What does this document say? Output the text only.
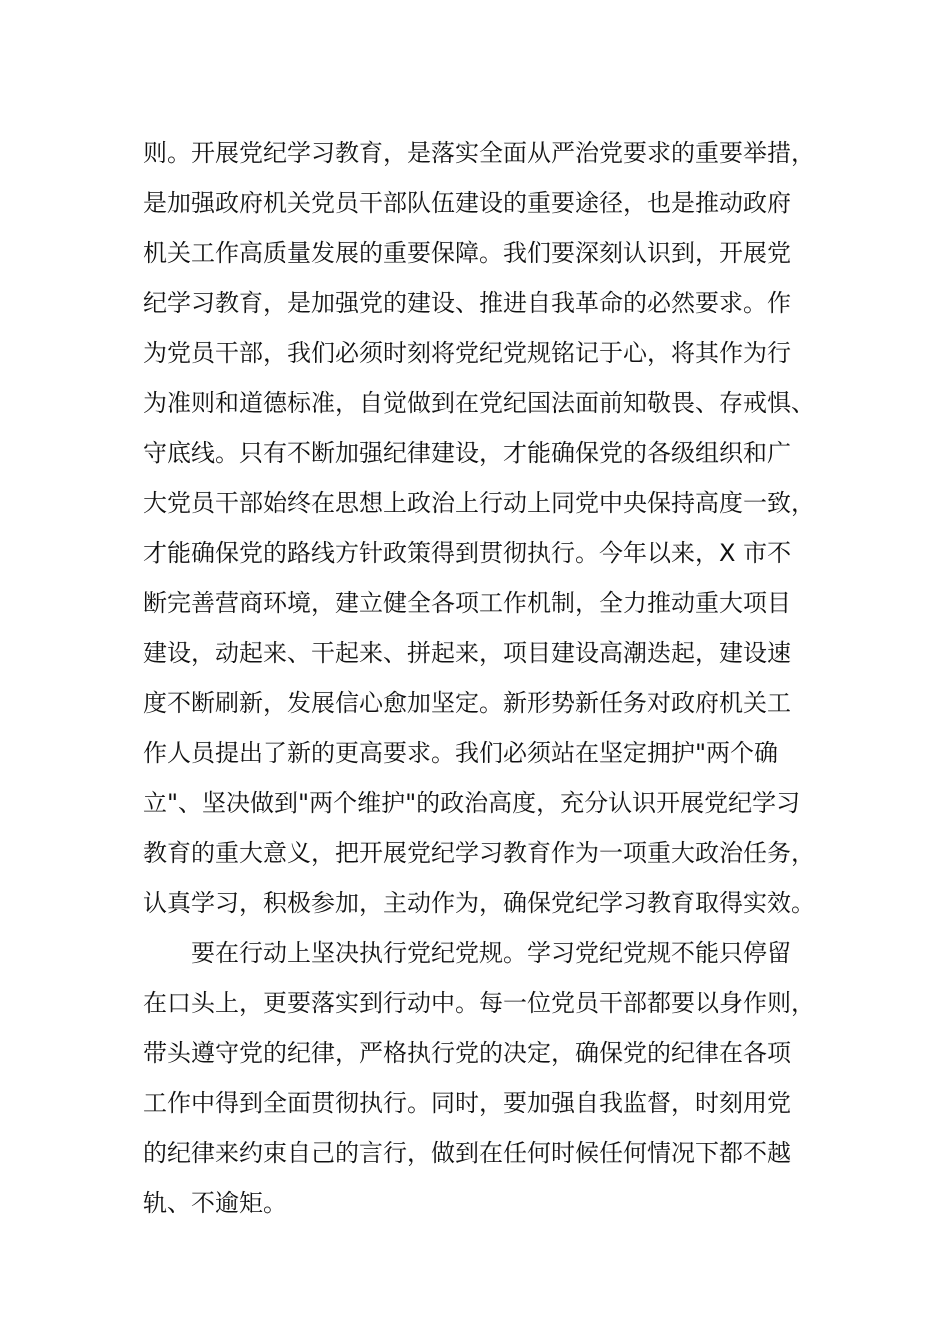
则。开展党纪学习教育，是落实全面从严治党要求的重要举措，
是加强政府机关党员干部队伍建设的重要途径，也是推动政府
机关工作高质量发展的重要保障。我们要深刻认识到，开展党
纪学习教育，是加强党的建设、推进自我革命的必然要求。作
为党员干部，我们必须时刻将党纪党规铭记于心，将其作为行
为准则和道德标准，自觉做到在党纪国法面前知敬畏、存戒惧、
守底线。只有不断加强纪律建设，才能确保党的各级组织和广
大党员干部始终在思想上政治上行动上同党中央保持高度一致，
才能确保党的路线方针政策得到贯彻执行。今年以来，X 市不
断完善营商环境，建立健全各项工作机制，全力推动重大项目
建设，动起来、干起来、拼起来，项目建设高潮迭起，建设速
度不断刷新，发展信心愈加坚定。新形势新任务对政府机关工
作人员提出了新的更高要求。我们必须站在坚定拥护"两个确
立"、坚决做到"两个维护"的政治高度，充分认识开展党纪学习
教育的重大意义，把开展党纪学习教育作为一项重大政治任务，
认真学习，积极参加，主动作为，确保党纪学习教育取得实效。
要在行动上坚决执行党纪党规。学习党纪党规不能只停留
在口头上，更要落实到行动中。每一位党员干部都要以身作则，
带头遵守党的纪律，严格执行党的决定，确保党的纪律在各项
工作中得到全面贯彻执行。同时，要加强自我监督，时刻用党
的纪律来约束自己的言行，做到在任何时候任何情况下都不越
轨、不逾矩。
